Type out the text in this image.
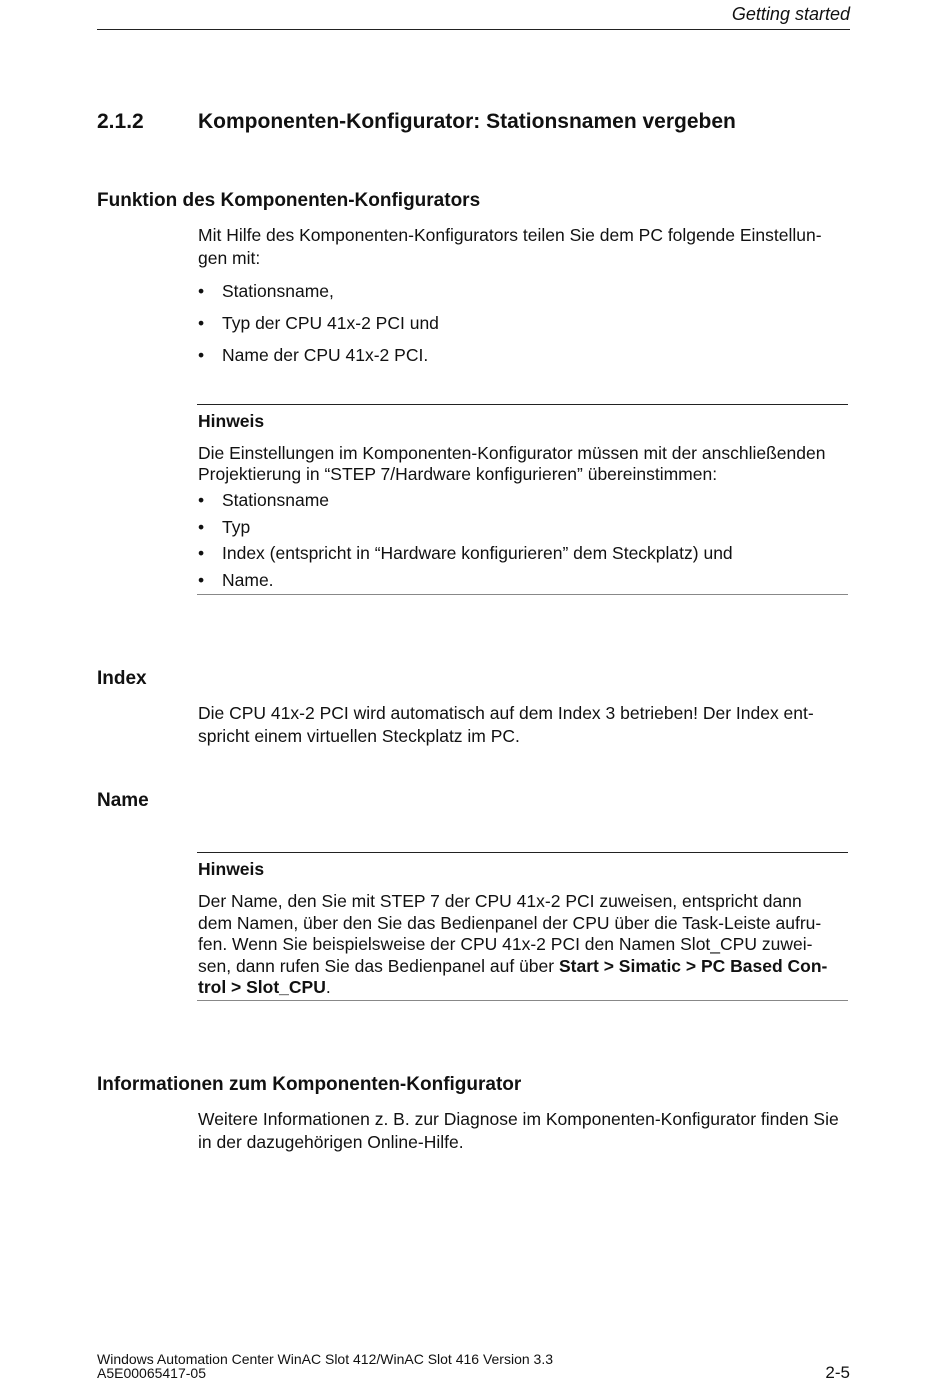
Getting started
2.1.2	Komponenten-Konfigurator: Stationsnamen vergeben
Funktion des Komponenten-Konfigurators
Mit Hilfe des Komponenten-Konfigurators teilen Sie dem PC folgende Einstellun-
gen mit:
• Stationsname,
• Typ der CPU 41x-2 PCI und
• Name der CPU 41x-2 PCI.
Hinweis
Die Einstellungen im Komponenten-Konfigurator müssen mit der anschließenden Projektierung in “STEP 7/Hardware konfigurieren” übereinstimmen:
• Stationsname
• Typ
• Index (entspricht in “Hardware konfigurieren” dem Steckplatz) und
• Name.
Index
Die CPU 41x-2 PCI wird automatisch auf dem Index 3 betrieben! Der Index ent-
spricht einem virtuellen Steckplatz im PC.
Name
Hinweis
Der Name, den Sie mit STEP 7 der CPU 41x-2 PCI zuweisen, entspricht dann
dem Namen, über den Sie das Bedienpanel der CPU über die Task-Leiste aufru-
fen. Wenn Sie beispielsweise der CPU 41x-2 PCI den Namen Slot_CPU zuwei-
sen, dann rufen Sie das Bedienpanel auf über Start > Simatic > PC Based Con-
trol > Slot_CPU.
Informationen zum Komponenten-Konfigurator
Weitere Informationen z. B. zur Diagnose im Komponenten-Konfigurator finden Sie
in der dazugehörigen Online-Hilfe.
Windows Automation Center WinAC Slot 412/WinAC Slot 416 Version 3.3
A5E00065417-05	2-5
